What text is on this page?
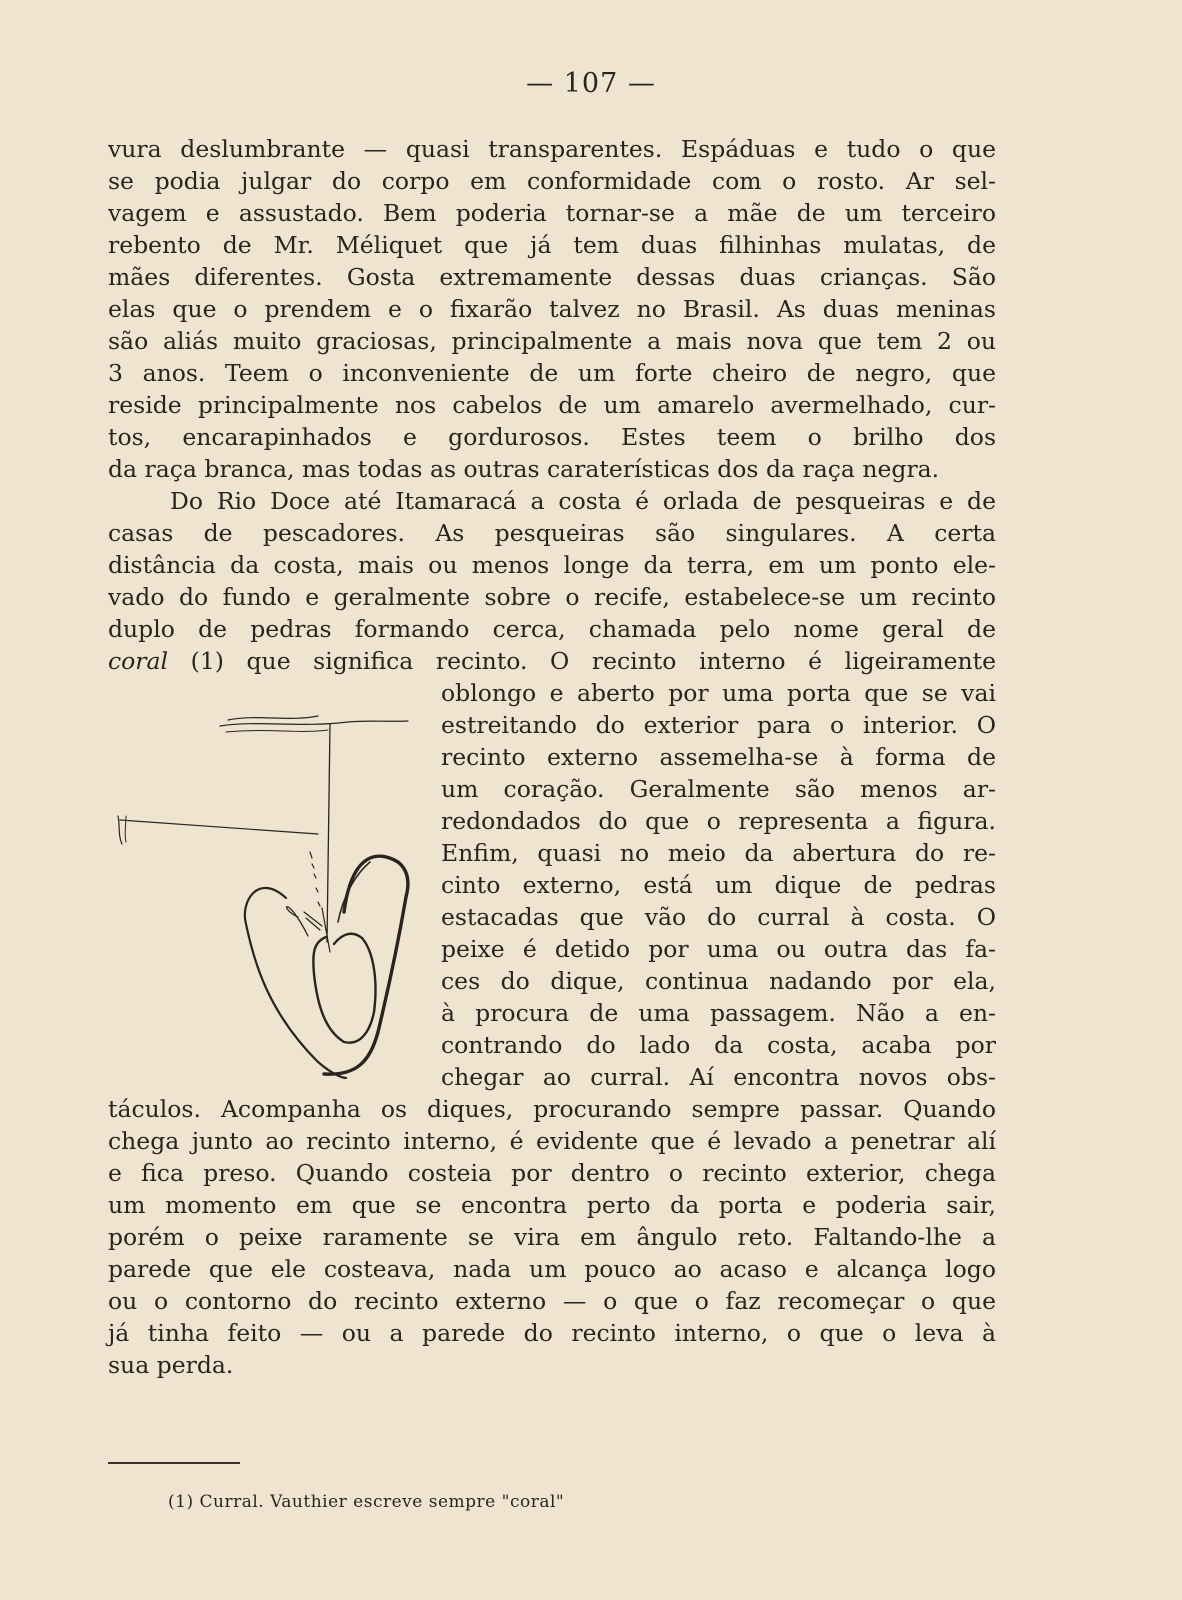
— 107 —
vura deslumbrante — quasi transparentes. Espáduas e tudo o que
se podia julgar do corpo em conformidade com o rosto. Ar sel-
vagem e assustado. Bem poderia tornar-se a mãe de um terceiro
rebento de Mr. Méliquet que já tem duas filhinhas mulatas, de
mães diferentes. Gosta extremamente dessas duas crianças. São
elas que o prendem e o fixarão talvez no Brasil. As duas meninas
são aliás muito graciosas, principalmente a mais nova que tem 2 ou
3 anos. Teem o inconveniente de um forte cheiro de negro, que
reside principalmente nos cabelos de um amarelo avermelhado, cur-
tos, encarapinhados e gordurosos. Estes teem o brilho dos
da raça branca, mas todas as outras caraterísticas dos da raça negra.
Do Rio Doce até Itamaracá a costa é orlada de pesqueiras e de
casas de pescadores. As pesqueiras são singulares. A certa
distância da costa, mais ou menos longe da terra, em um ponto ele-
vado do fundo e geralmente sobre o recife, estabelece-se um recinto
duplo de pedras formando cerca, chamada pelo nome geral de
coral (1) que significa recinto. O recinto interno é ligeiramente
oblongo e aberto por uma porta que se vai
estreitando do exterior para o interior. O
recinto externo assemelha-se à forma de
um coração. Geralmente são menos ar-
redondados do que o representa a figura.
Enfim, quasi no meio da abertura do re-
cinto externo, está um dique de pedras
estacadas que vão do curral à costa. O
peixe é detido por uma ou outra das fa-
ces do dique, continua nadando por ela,
à procura de uma passagem. Não a en-
contrando do lado da costa, acaba por
chegar ao curral. Aí encontra novos obs-
táculos. Acompanha os diques, procurando sempre passar. Quando
chega junto ao recinto interno, é evidente que é levado a penetrar alí
e fica preso. Quando costeia por dentro o recinto exterior, chega
um momento em que se encontra perto da porta e poderia sair,
porém o peixe raramente se vira em ângulo reto. Faltando-lhe a
parede que ele costeava, nada um pouco ao acaso e alcança logo
ou o contorno do recinto externo — o que o faz recomeçar o que
já tinha feito — ou a parede do recinto interno, o que o leva à
sua perda.
(1) Curral. Vauthier escreve sempre "coral"
